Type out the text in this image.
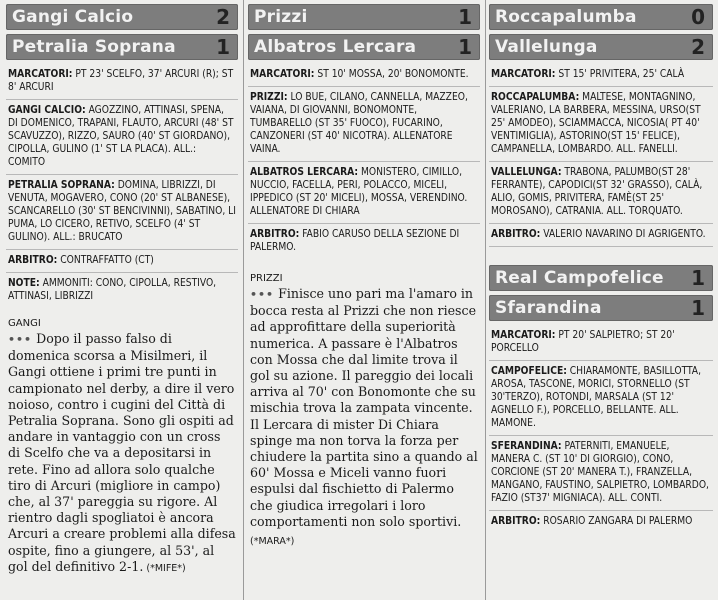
Gangi Calcio	2
Petralia Soprana 1
MARCATORI: PT 23' SCELFO, 37' ARCURI (R); ST 8' ARCURI
GANGI CALCIO: AGOZZINO, ATTINASI, SPENA, DI DOMENICO, TRAPANI, FLAUTO, ARCURI (48' ST SCAVUZZO), RIZZO, SAURO (40' ST GIORDANO), CIPOLLA, GULINO (1' ST LA PLACA). ALL.: COMITO
PETRALIA SOPRANA: DOMINA, LIBRIZZI, DI VENUTA, MOGAVERO, CONO (20' ST ALBANESE), SCANCARELLO (30' ST BENCIVINNI), SABATINO, LI PUMA, LO CICERO, RETIVO, SCELFO (4' ST GULINO). ALL.: BRUCATO
ARBITRO: CONTRAFFATTO (CT)
NOTE: AMMONITI: CONO, CIPOLLA, RESTIVO, ATTINASI, LIBRIZZI
GANGI
••• Dopo il passo falso di domenica scorsa a Misilmeri, il Gangi ottiene i primi tre punti in campionato nel derby, a dire il vero noioso, contro i cugini del Città di Petralia Soprana. Sono gli ospiti ad andare in vantaggio con un cross di Scelfo che va a depositarsi in rete. Fino ad allora solo qualche tiro di Arcuri (migliore in campo) che, al 37' pareggia su rigore. Al rientro dagli spogliatoi è ancora Arcuri a creare problemi alla difesa ospite, fino a giungere, al 53', al gol del definitivo 2-1. (*MIFE*)
Prizzi	1
Albatros Lercara 1
MARCATORI: ST 10' MOSSA, 20' BONOMONTE.
PRIZZI: LO BUE, CILANO, CANNELLA, MAZZEO, VAIANA, DI GIOVANNI, BONOMONTE, TUMBARELLO (ST 35' FUOCO), FUCARINO, CANZONERI (ST 40' NICOTRA). ALLENATORE VAINA.
ALBATROS LERCARA: MONISTERO, CIMILLO, NUCCIO, FACELLA, PERI, POLACCO, MICELI, IPPEDICO (ST 20' MICELI), MOSSA, VERENDINO. ALLENATORE DI CHIARA
ARBITRO: FABIO CARUSO DELLA SEZIONE DI PALERMO.
PRIZZI
••• Finisce uno pari ma l'amaro in bocca resta al Prizzi che non riesce ad approfittare della superiorità numerica. A passare è l'Albatros con Mossa che dal limite trova il gol su azione. Il pareggio dei locali arriva al 70' con Bonomonte che su mischia trova la zampata vincente. Il Lercara di mister Di Chiara spinge ma non torva la forza per chiudere la partita sino a quando al 60' Mossa e Miceli vanno fuori espulsi dal fischietto di Palermo che giudica irregolari i loro comportamenti non solo sportivi. (*MARA*)
Roccapalumba	0
Vallelunga	2
MARCATORI: ST 15' PRIVITERA, 25' CALÀ
ROCCAPALUMBA: MALTESE, MONTAGNINO, VALERIANO, LA BARBERA, MESSINA, URSO(ST 25' AMODEO), SCIAMMACCA, NICOSIA( PT 40' VENTIMIGLIA), ASTORINO(ST 15' FELICE), CAMPANELLA, LOMBARDO. ALL. FANELLI.
VALLELUNGA: TRABONA, PALUMBO(ST 28' FERRANTE), CAPODICI(ST 32' GRASSO), CALÀ, ALIO, GOMIS, PRIVITERA, FAMÈ(ST 25' MOROSANO), CATRANIA. ALL. TORQUATO.
ARBITRO: VALERIO NAVARINO DI AGRIGENTO.
Real Campofelice 1
Sfarandina	1
MARCATORI: PT 20' SALPIETRO; ST 20' PORCELLO
CAMPOFELICE: CHIARAMONTE, BASILLOTTA, AROSA, TASCONE, MORICI, STORNELLO (ST 30'TERZO), ROTONDI, MARSALA (ST 12' AGNELLO F.), PORCELLO, BELLANTE. ALL. MAMONE.
SFERANDINA: PATERNITI, EMANUELE, MANERA C. (ST 10' DI GIORGIO), CONO, CORCIONE (ST 20' MANERA T.), FRANZELLA, MANGANO, FAUSTINO, SALPIETRO, LOMBARDO, FAZIO (ST37' MIGNIACA). ALL. CONTI.
ARBITRO: ROSARIO ZANGARA DI PALERMO
